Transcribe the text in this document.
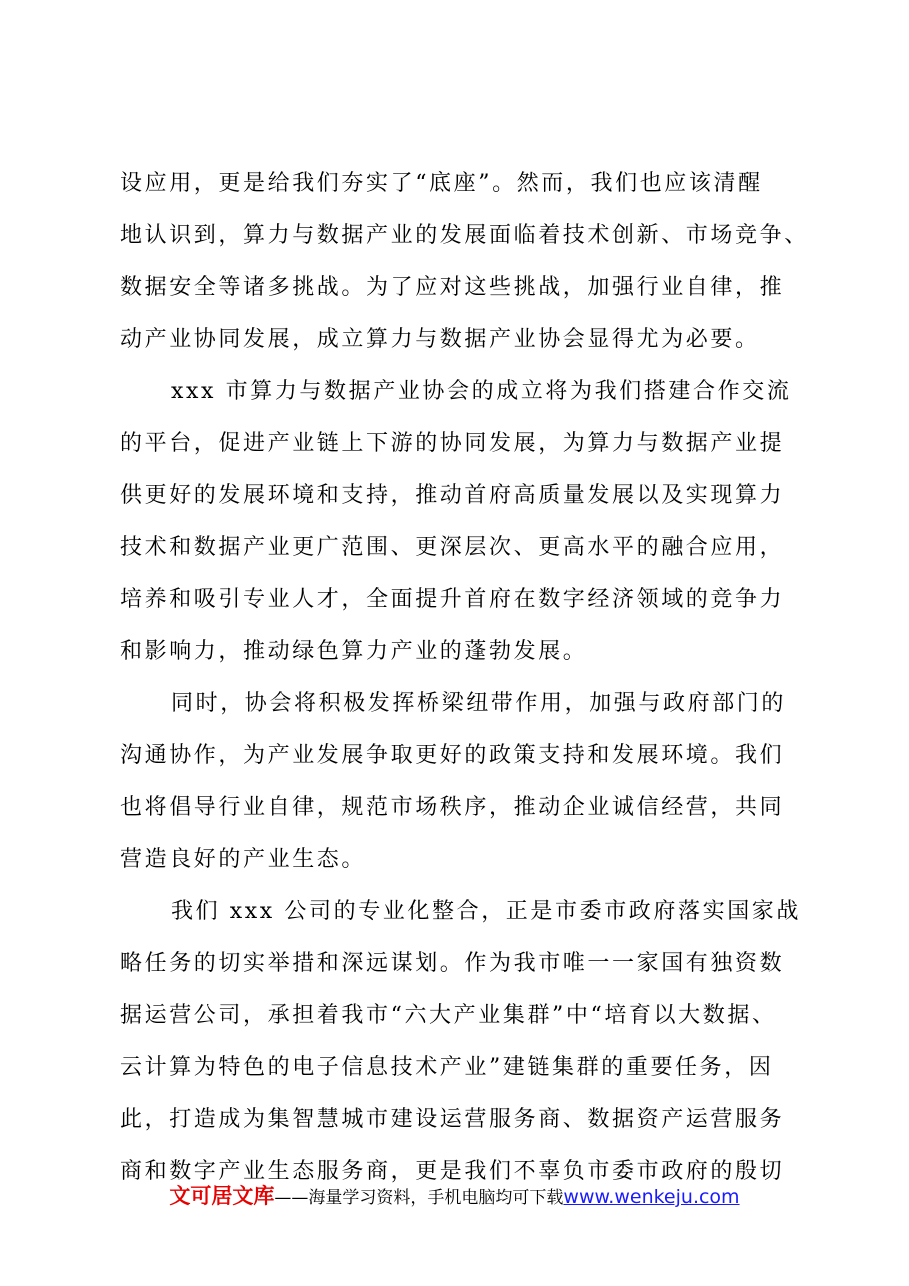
设应用，更是给我们夯实了“底座”。然而，我们也应该清醒
地认识到，算力与数据产业的发展面临着技术创新、市场竞争、
数据安全等诸多挑战。为了应对这些挑战，加强行业自律，推
动产业协同发展，成立算力与数据产业协会显得尤为必要。
xxx 市算力与数据产业协会的成立将为我们搭建合作交流
的平台，促进产业链上下游的协同发展，为算力与数据产业提
供更好的发展环境和支持，推动首府高质量发展以及实现算力
技术和数据产业更广范围、更深层次、更高水平的融合应用，
培养和吸引专业人才，全面提升首府在数字经济领域的竞争力
和影响力，推动绿色算力产业的蓬勃发展。
同时，协会将积极发挥桥梁纽带作用，加强与政府部门的
沟通协作，为产业发展争取更好的政策支持和发展环境。我们
也将倡导行业自律，规范市场秩序，推动企业诚信经营，共同
营造良好的产业生态。
我们 xxx 公司的专业化整合，正是市委市政府落实国家战
略任务的切实举措和深远谋划。作为我市唯一一家国有独资数
据运营公司，承担着我市“六大产业集群”中“培育以大数据、
云计算为特色的电子信息技术产业”建链集群的重要任务，因
此，打造成为集智慧城市建设运营服务商、数据资产运营服务
商和数字产业生态服务商，更是我们不辜负市委市政府的殷切
文可居文库——海量学习资料，手机电脑均可下载www.wenkeju.com
